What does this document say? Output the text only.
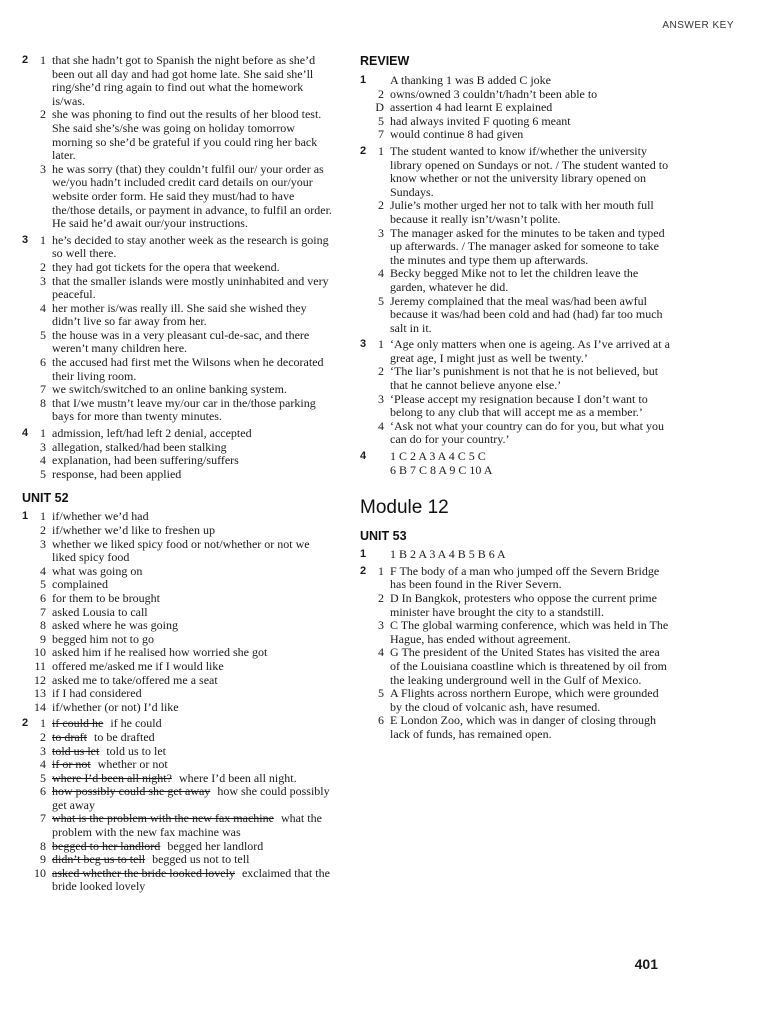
ANSWER KEY
2 1 that she hadn’t got to Spanish the night before as she’d been out all day and had got home late. She said she’ll ring/she’d ring again to find out what the homework is/was.
2 she was phoning to find out the results of her blood test. She said she’s/she was going on holiday tomorrow morning so she’d be grateful if you could ring her back later.
3 he was sorry (that) they couldn’t fulfil our/ your order as we/you hadn’t included credit card details on our/your website order form. He said they must/had to have the/those details, or payment in advance, to fulfil an order. He said he’d await our/your instructions.
3 1 he’s decided to stay another week as the research is going so well there.
2 they had got tickets for the opera that weekend.
3 that the smaller islands were mostly uninhabited and very peaceful.
4 her mother is/was really ill. She said she wished they didn’t live so far away from her.
5 the house was in a very pleasant cul-de-sac, and there weren’t many children here.
6 the accused had first met the Wilsons when he decorated their living room.
7 we switch/switched to an online banking system.
8 that I/we mustn’t leave my/our car in the/those parking bays for more than twenty minutes.
4 1 admission, left/had left 2 denial, accepted
3 allegation, stalked/had been stalking
4 explanation, had been suffering/suffers
5 response, had been applied
UNIT 52
1 1 if/whether we’d had
2 if/whether we’d like to freshen up
3 whether we liked spicy food or not/whether or not we liked spicy food
4 what was going on
5 complained
6 for them to be brought
7 asked Lousia to call
8 asked where he was going
9 begged him not to go
10 asked him if he realised how worried she got
11 offered me/asked me if I would like
12 asked me to take/offered me a seat
13 if I had considered
14 if/whether (or not) I’d like
2 1 if could he if he could
2 to draft to be drafted
3 told us let told us to let
4 if or not whether or not
5 where I’d been all night? where I’d been all night.
6 how possibly could she get away how she could possibly get away
7 what is the problem with the new fax machine what the problem with the new fax machine was
8 begged to her landlord begged her landlord
9 didn’t beg us to tell begged us not to tell
10 asked whether the bride looked lovely exclaimed that the bride looked lovely
REVIEW
1 A thanking 1 was B added C joke
2 owns/owned 3 couldn’t/hadn’t been able to
D assertion 4 had learnt E explained
5 had always invited F quoting 6 meant
7 would continue 8 had given
2 1 The student wanted to know if/whether the university library opened on Sundays or not. / The student wanted to know whether or not the university library opened on Sundays.
2 Julie’s mother urged her not to talk with her mouth full because it really isn’t/wasn’t polite.
3 The manager asked for the minutes to be taken and typed up afterwards. / The manager asked for someone to take the minutes and type them up afterwards.
4 Becky begged Mike not to let the children leave the garden, whatever he did.
5 Jeremy complained that the meal was/had been awful because it was/had been cold and had (had) far too much salt in it.
3 1 ‘Age only matters when one is ageing. As I’ve arrived at a great age, I might just as well be twenty.’
2 ‘The liar’s punishment is not that he is not believed, but that he cannot believe anyone else.’
3 ‘Please accept my resignation because I don’t want to belong to any club that will accept me as a member.’
4 ‘Ask not what your country can do for you, but what you can do for your country.’
4 1 C 2 A 3 A 4 C 5 C
6 B 7 C 8 A 9 C 10 A
Module 12
UNIT 53
1 1 B 2 A 3 A 4 B 5 B 6 A
2 1 F The body of a man who jumped off the Severn Bridge has been found in the River Severn.
2 D In Bangkok, protesters who oppose the current prime minister have brought the city to a standstill.
3 C The global warming conference, which was held in The Hague, has ended without agreement.
4 G The president of the United States has visited the area of the Louisiana coastline which is threatened by oil from the leaking underground well in the Gulf of Mexico.
5 A Flights across northern Europe, which were grounded by the cloud of volcanic ash, have resumed.
6 E London Zoo, which was in danger of closing through lack of funds, has remained open.
401
